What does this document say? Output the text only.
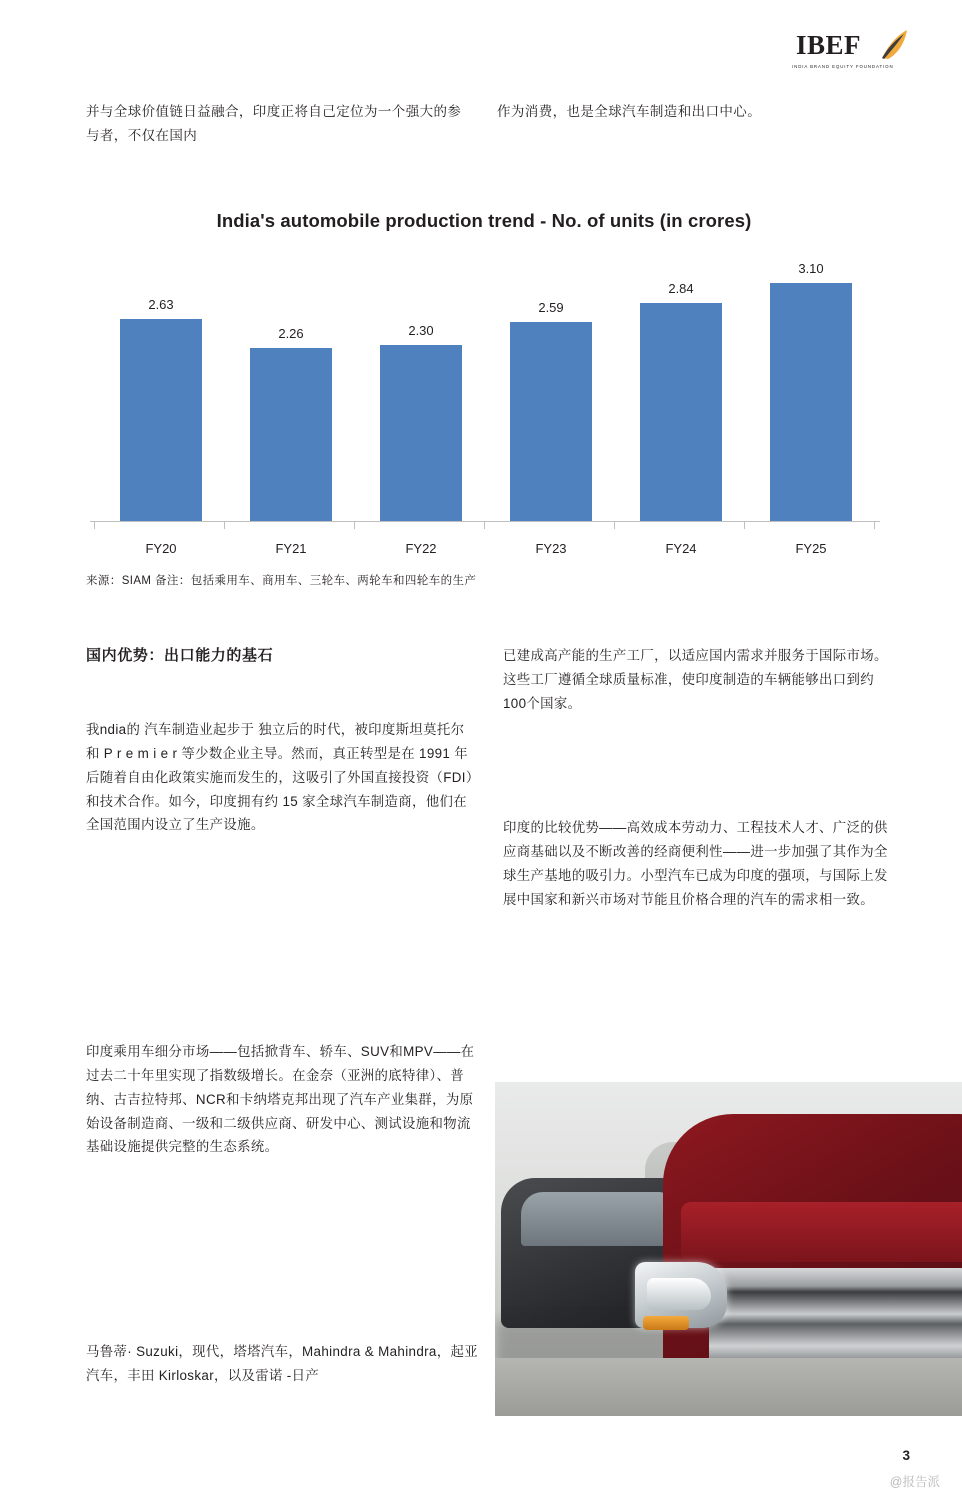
IBEF
INDIA BRAND EQUITY FOUNDATION
并与全球价值链日益融合，印度正将自己定位为一个强大的参与者，不仅在国内
作为消费，也是全球汽车制造和出口中心。
India's automobile production trend - No. of units (in crores)
2.63
2.26	2.30
2.59
2.84
3.10
FY20	FY21	FY22	FY23	FY24	FY25
来源：SIAM 备注：包括乘用车、商用车、三轮车、两轮车和四轮车的生产
国内优势：出口能力的基石
我ndia的 汽车制造业起步于 独立后的时代，被印度斯坦莫托尔 和 P r e m i e r 等少数企业主导。然而，真正转型是在 1991 年后随着自由化政策实施而发生的，这吸引了外国直接投资（FDI）和技术合作。如今，印度拥有约 15 家全球汽车制造商，他们在全国范围内设立了生产设施。
已建成高产能的生产工厂，以适应国内需求并服务于国际市场。这些工厂遵循全球质量标准，使印度制造的车辆能够出口到约100个国家。
印度的比较优势——高效成本劳动力、工程技术人才、广泛的供应商基础以及不断改善的经商便利性——进一步加强了其作为全球生产基地的吸引力。小型汽车已成为印度的强项，与国际上发展中国家和新兴市场对节能且价格合理的汽车的需求相一致。
印度乘用车细分市场——包括掀背车、轿车、SUV和MPV——在过去二十年里实现了指数级增长。在金奈（亚洲的底特律）、普纳、古吉拉特邦、NCR和卡纳塔克邦出现了汽车产业集群，为原始设备制造商、一级和二级供应商、研发中心、测试设施和物流基础设施提供完整的生态系统。
马鲁蒂· Suzuki，现代，塔塔汽车，Mahindra & Mahindra，起亚汽车，丰田 Kirloskar，以及雷诺 -日产
3
@报告派
